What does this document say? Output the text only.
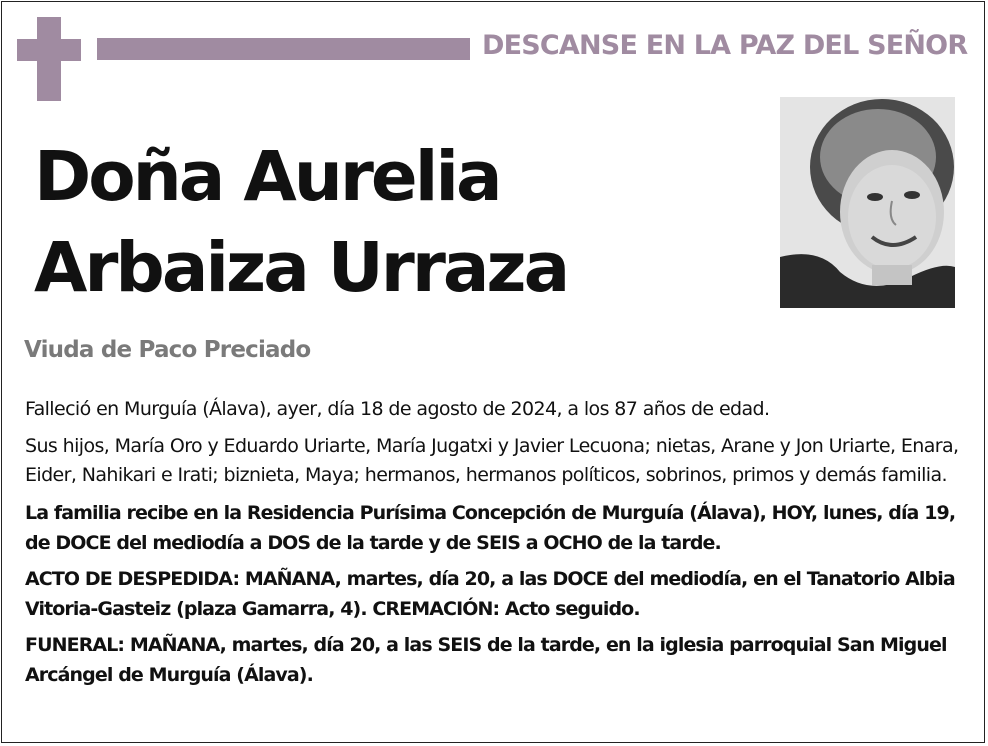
DESCANSE EN LA PAZ DEL SEÑOR
Doña Aurelia
Arbaiza Urraza
Viuda de Paco Preciado

Falleció en Murguía (Álava), ayer, día 18 de agosto de 2024, a los 87 años de edad.

Sus hijos, María Oro y Eduardo Uriarte, María Jugatxi y Javier Lecuona; nietas, Arane y Jon Uriarte, Enara, Eider, Nahikari e Irati; biznieta, Maya; hermanos, hermanos políticos, sobrinos, primos y demás familia.

La familia recibe en la Residencia Purísima Concepción de Murguía (Álava), HOY, lunes, día 19, de DOCE del mediodía a DOS de la tarde y de SEIS a OCHO de la tarde.

ACTO DE DESPEDIDA: MAÑANA, martes, día 20, a las DOCE del mediodía, en el Tanatorio Albia Vitoria-Gasteiz (plaza Gamarra, 4). CREMACIÓN: Acto seguido.

FUNERAL: MAÑANA, martes, día 20, a las SEIS de la tarde, en la iglesia parroquial San Miguel Arcángel de Murguía (Álava).
